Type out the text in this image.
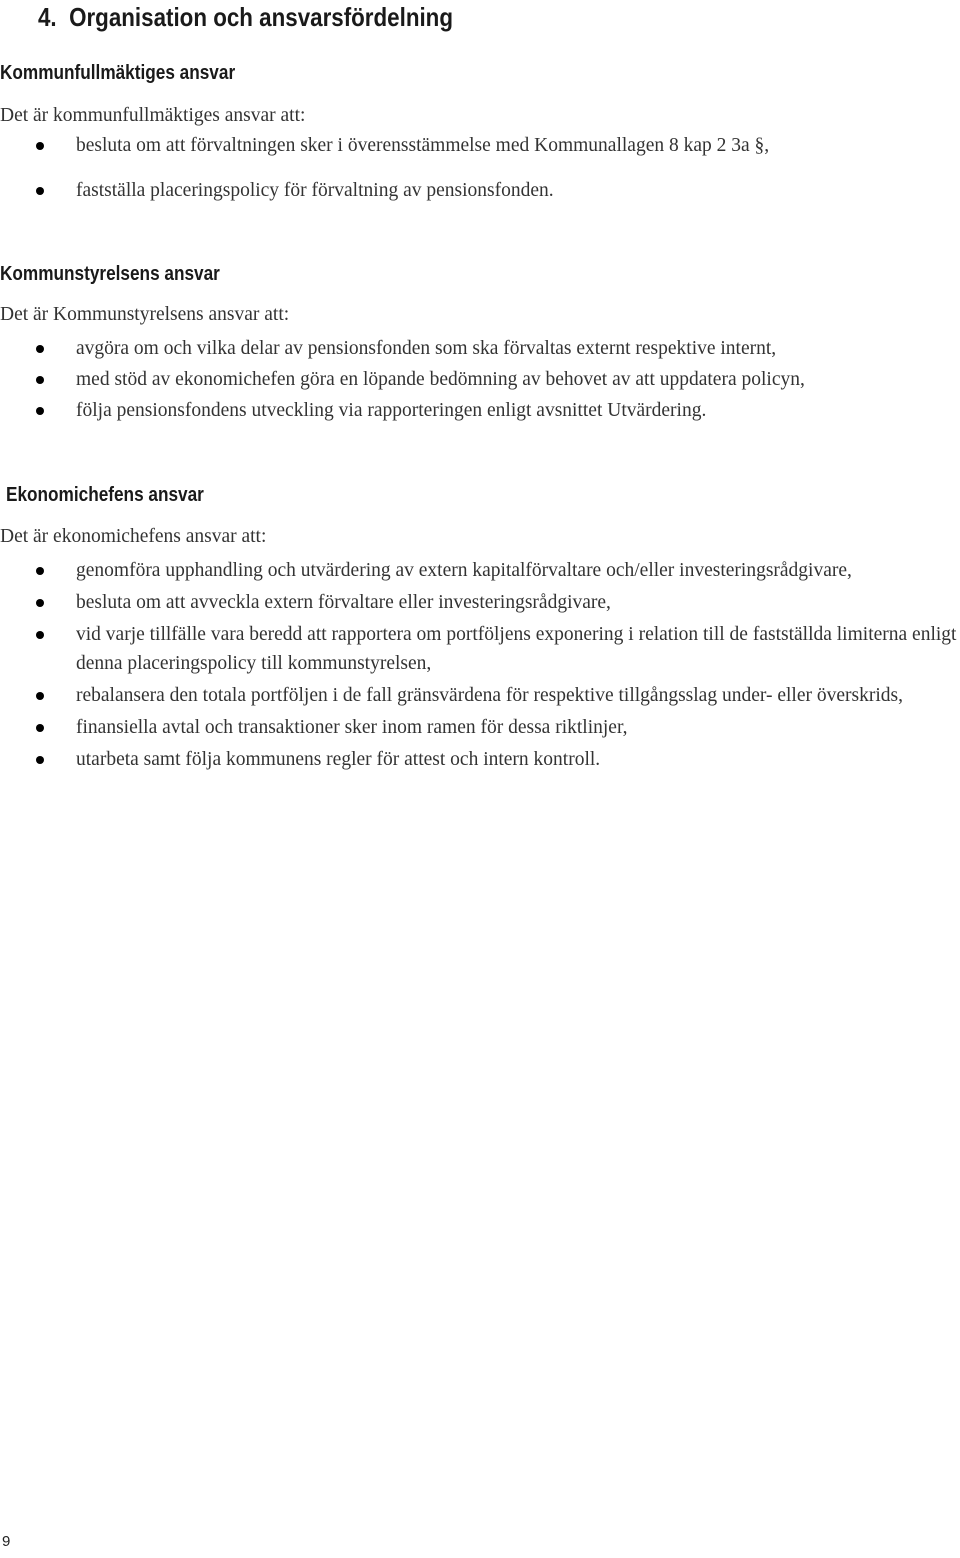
4. Organisation och ansvarsfördelning
Kommunfullmäktiges ansvar
Det är kommunfullmäktiges ansvar att:
besluta om att förvaltningen sker i överensstämmelse med Kommunallagen 8 kap 2 3a §,
fastställa placeringspolicy för förvaltning av pensionsfonden.
Kommunstyrelsens ansvar
Det är Kommunstyrelsens ansvar att:
avgöra om och vilka delar av pensionsfonden som ska förvaltas externt respektive internt,
med stöd av ekonomichefen göra en löpande bedömning av behovet av att uppdatera policyn,
följa pensionsfondens utveckling via rapporteringen enligt avsnittet Utvärdering.
Ekonomichefens ansvar
Det är ekonomichefens ansvar att:
genomföra upphandling och utvärdering av extern kapitalförvaltare och/eller investeringsrådgivare,
besluta om att avveckla extern förvaltare eller investeringsrådgivare,
vid varje tillfälle vara beredd att rapportera om portföljens exponering i relation till de fastställda limiterna enligt denna placeringspolicy till kommunstyrelsen,
rebalansera den totala portföljen i de fall gränsvärdena för respektive tillgångsslag under- eller överskrids,
finansiella avtal och transaktioner sker inom ramen för dessa riktlinjer,
utarbeta samt följa kommunens regler för attest och intern kontroll.
9
